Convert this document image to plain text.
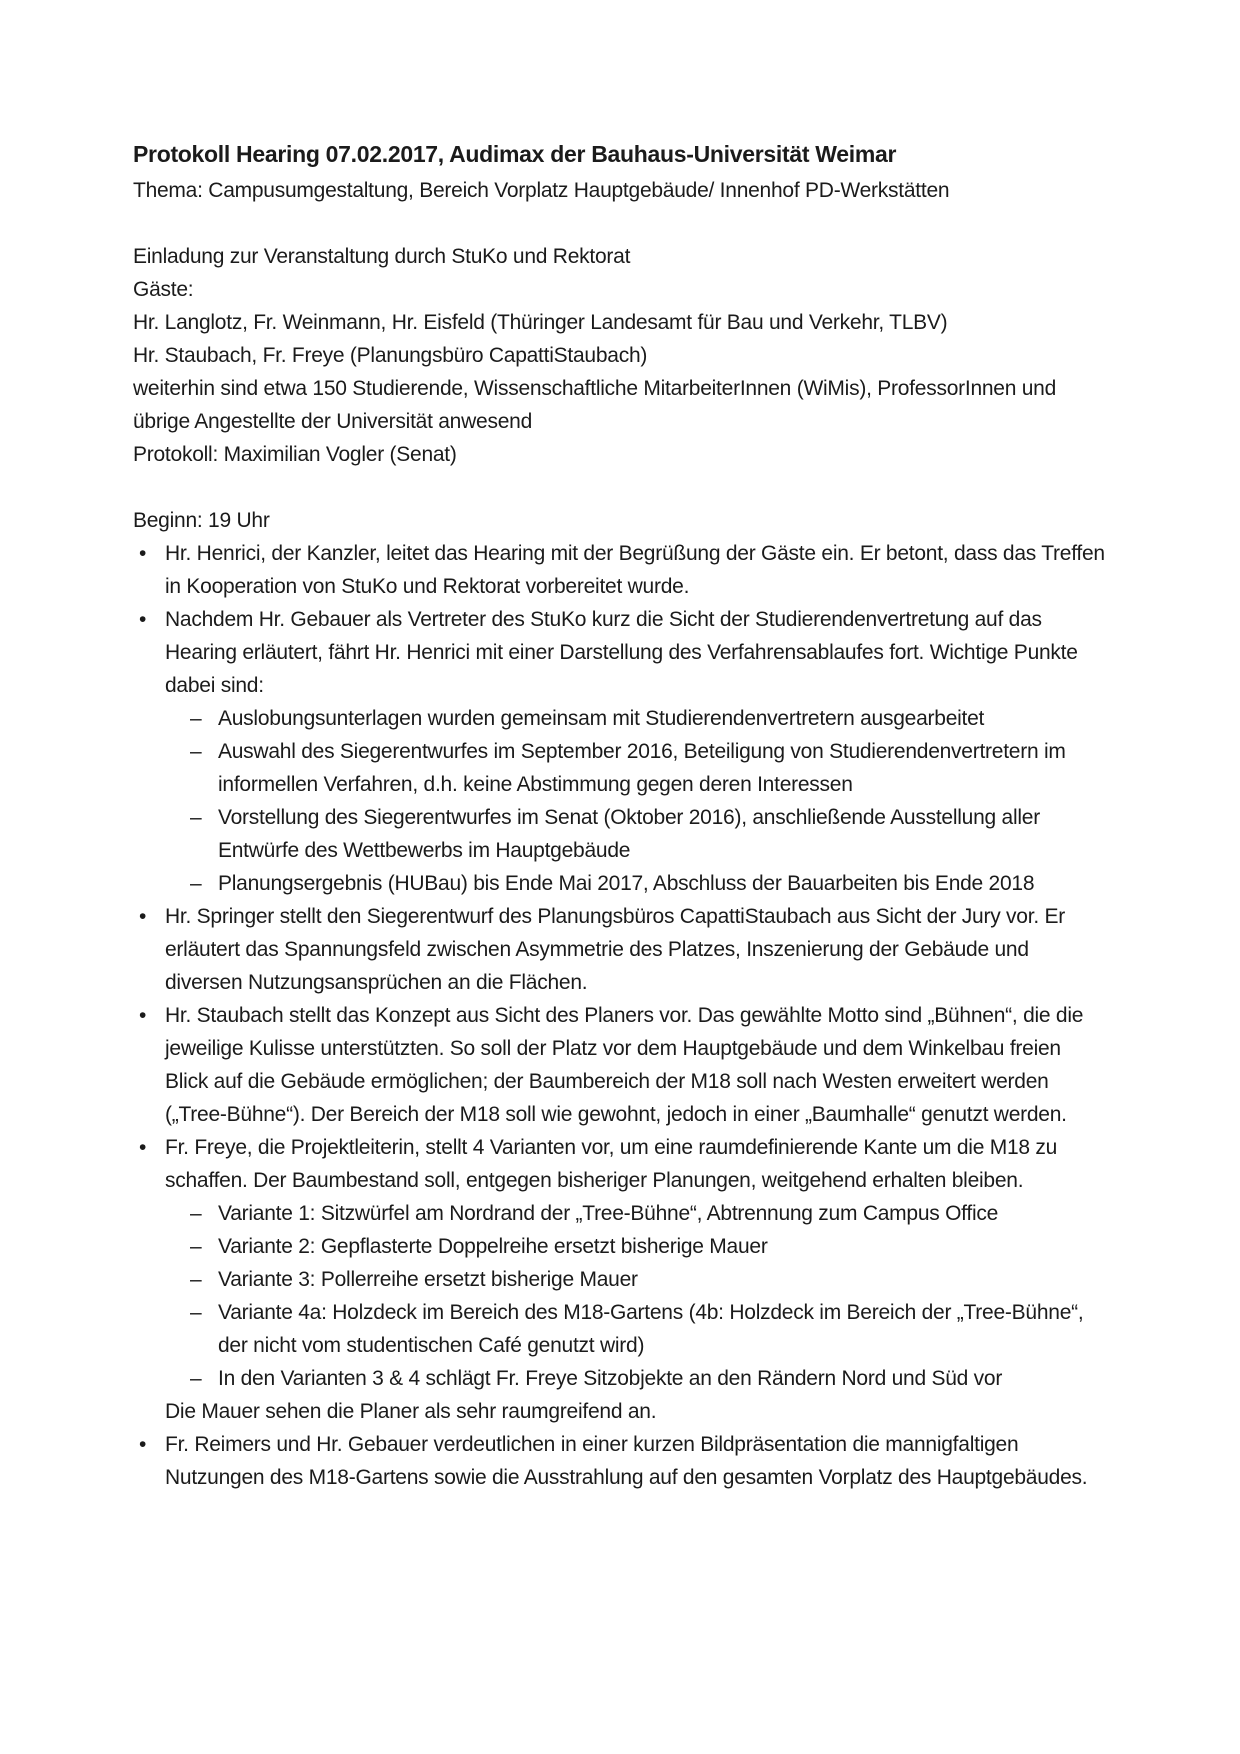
Protokoll Hearing 07.02.2017, Audimax der Bauhaus-Universität Weimar

Thema: Campusumgestaltung, Bereich Vorplatz Hauptgebäude/ Innenhof PD-Werkstätten

Einladung zur Veranstaltung durch StuKo und Rektorat

Gäste:

Hr. Langlotz, Fr. Weinmann, Hr. Eisfeld (Thüringer Landesamt für Bau und Verkehr, TLBV)

Hr. Staubach, Fr. Freye (Planungsbüro CapattiStaubach)

weiterhin sind etwa 150 Studierende, Wissenschaftliche MitarbeiterInnen (WiMis), ProfessorInnen und übrige Angestellte der Universität anwesend

Protokoll: Maximilian Vogler (Senat)

Beginn: 19 Uhr

• Hr. Henrici, der Kanzler, leitet das Hearing mit der Begrüßung der Gäste ein. Er betont, dass das Treffen in Kooperation von StuKo und Rektorat vorbereitet wurde.
• Nachdem Hr. Gebauer als Vertreter des StuKo kurz die Sicht der Studierendenvertretung auf das Hearing erläutert, fährt Hr. Henrici mit einer Darstellung des Verfahrensablaufes fort. Wichtige Punkte dabei sind:
– Auslobungsunterlagen wurden gemeinsam mit Studierendenvertretern ausgearbeitet
– Auswahl des Siegerentwurfes im September 2016, Beteiligung von Studierendenvertretern im informellen Verfahren, d.h. keine Abstimmung gegen deren Interessen
– Vorstellung des Siegerentwurfes im Senat (Oktober 2016), anschließende Ausstellung aller Entwürfe des Wettbewerbs im Hauptgebäude
– Planungsergebnis (HUBau) bis Ende Mai 2017, Abschluss der Bauarbeiten bis Ende 2018
• Hr. Springer stellt den Siegerentwurf des Planungsbüros CapattiStaubach aus Sicht der Jury vor. Er erläutert das Spannungsfeld zwischen Asymmetrie des Platzes, Inszenierung der Gebäude und diversen Nutzungsansprüchen an die Flächen.
• Hr. Staubach stellt das Konzept aus Sicht des Planers vor. Das gewählte Motto sind „Bühnen“, die die jeweilige Kulisse unterstützten. So soll der Platz vor dem Hauptgebäude und dem Winkelbau freien Blick auf die Gebäude ermöglichen; der Baumbereich der M18 soll nach Westen erweitert werden („Tree-Bühne“). Der Bereich der M18 soll wie gewohnt, jedoch in einer „Baumhalle“ genutzt werden.
• Fr. Freye, die Projektleiterin, stellt 4 Varianten vor, um eine raumdefinierende Kante um die M18 zu schaffen. Der Baumbestand soll, entgegen bisheriger Planungen, weitgehend erhalten bleiben.
– Variante 1: Sitzwürfel am Nordrand der „Tree-Bühne“, Abtrennung zum Campus Office
– Variante 2: Gepflasterte Doppelreihe ersetzt bisherige Mauer
– Variante 3: Pollerreihe ersetzt bisherige Mauer
– Variante 4a: Holzdeck im Bereich des M18-Gartens (4b: Holzdeck im Bereich der „Tree-Bühne“, der nicht vom studentischen Café genutzt wird)
– In den Varianten 3 & 4 schlägt Fr. Freye Sitzobjekte an den Rändern Nord und Süd vor
Die Mauer sehen die Planer als sehr raumgreifend an.
• Fr. Reimers und Hr. Gebauer verdeutlichen in einer kurzen Bildpräsentation die mannigfaltigen Nutzungen des M18-Gartens sowie die Ausstrahlung auf den gesamten Vorplatz des Hauptgebäudes.
